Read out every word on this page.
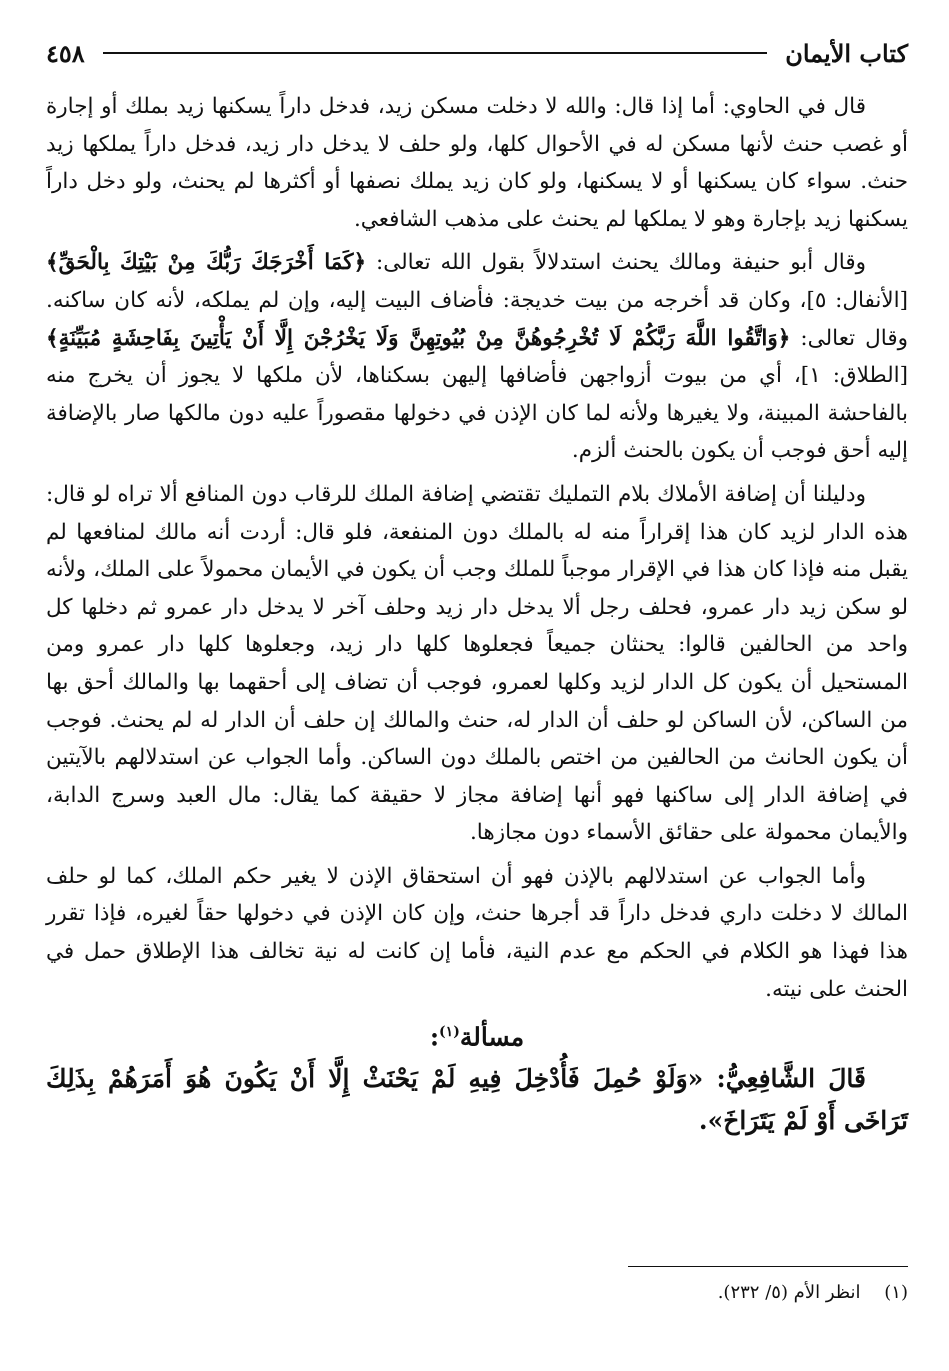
كتاب الأيمان
٤٥٨

قال في الحاوي: أما إذا قال: والله لا دخلت مسكن زيد، فدخل داراً يسكنها زيد بملك أو إجارة أو غصب حنث لأنها مسكن له في الأحوال كلها، ولو حلف لا يدخل دار زيد، فدخل داراً يملكها زيد حنث. سواء كان يسكنها أو لا يسكنها، ولو كان زيد يملك نصفها أو أكثرها لم يحنث، ولو دخل داراً يسكنها زيد بإجارة وهو لا يملكها لم يحنث على مذهب الشافعي.

وقال أبو حنيفة ومالك يحنث استدلالاً بقول الله تعالى: ﴿كَمَا أَخْرَجَكَ رَبُّكَ مِنْ بَيْتِكَ بِالْحَقِّ﴾ [الأنفال: ٥]، وكان قد أخرجه من بيت خديجة: فأضاف البيت إليه، وإن لم يملكه، لأنه كان ساكنه. وقال تعالى: ﴿وَاتَّقُوا اللَّهَ رَبَّكُمْ لَا تُخْرِجُوهُنَّ مِنْ بُيُوتِهِنَّ وَلَا يَخْرُجْنَ إِلَّا أَنْ يَأْتِينَ بِفَاحِشَةٍ مُبَيِّنَةٍ﴾ [الطلاق: ١]، أي من بيوت أزواجهن فأضافها إليهن بسكناها، لأن ملكها لا يجوز أن يخرج منه بالفاحشة المبينة، ولا يغيرها ولأنه لما كان الإذن في دخولها مقصوراً عليه دون مالكها صار بالإضافة إليه أحق فوجب أن يكون بالحنث ألزم.

ودليلنا أن إضافة الأملاك بلام التمليك تقتضي إضافة الملك للرقاب دون المنافع ألا تراه لو قال: هذه الدار لزيد كان هذا إقراراً منه له بالملك دون المنفعة، فلو قال: أردت أنه مالك لمنافعها لم يقبل منه فإذا كان هذا في الإقرار موجباً للملك وجب أن يكون في الأيمان محمولاً على الملك، ولأنه لو سكن زيد دار عمرو، فحلف رجل ألا يدخل دار زيد وحلف آخر لا يدخل دار عمرو ثم دخلها كل واحد من الحالفين قالوا: يحنثان جميعاً فجعلوها كلها دار زيد، وجعلوها كلها دار عمرو ومن المستحيل أن يكون كل الدار لزيد وكلها لعمرو، فوجب أن تضاف إلى أحقهما بها والمالك أحق بها من الساكن، لأن الساكن لو حلف أن الدار له، حنث والمالك إن حلف أن الدار له لم يحنث. فوجب أن يكون الحانث من الحالفين من اختص بالملك دون الساكن. وأما الجواب عن استدلالهم بالآيتين في إضافة الدار إلى ساكنها فهو أنها إضافة مجاز لا حقيقة كما يقال: مال العبد وسرج الدابة، والأيمان محمولة على حقائق الأسماء دون مجازها.

وأما الجواب عن استدلالهم بالإذن فهو أن استحقاق الإذن لا يغير حكم الملك، كما لو حلف المالك لا دخلت داري فدخل داراً قد أجرها حنث، وإن كان الإذن في دخولها حقاً لغيره، فإذا تقرر هذا فهذا هو الكلام في الحكم مع عدم النية، فأما إن كانت له نية تخالف هذا الإطلاق حمل في الحنث على نيته.

مسألة$^{(١)}$:
قَالَ الشَّافِعِيُّ: «وَلَوْ حُمِلَ فَأُدْخِلَ فِيهِ لَمْ يَحْنَثْ إِلَّا أَنْ يَكُونَ هُوَ أَمَرَهُمْ بِذَلِكَ تَرَاخَى أَوْ لَمْ يَتَرَاخَ».
(١) انظر الأم (٥/ ٢٣٢).
